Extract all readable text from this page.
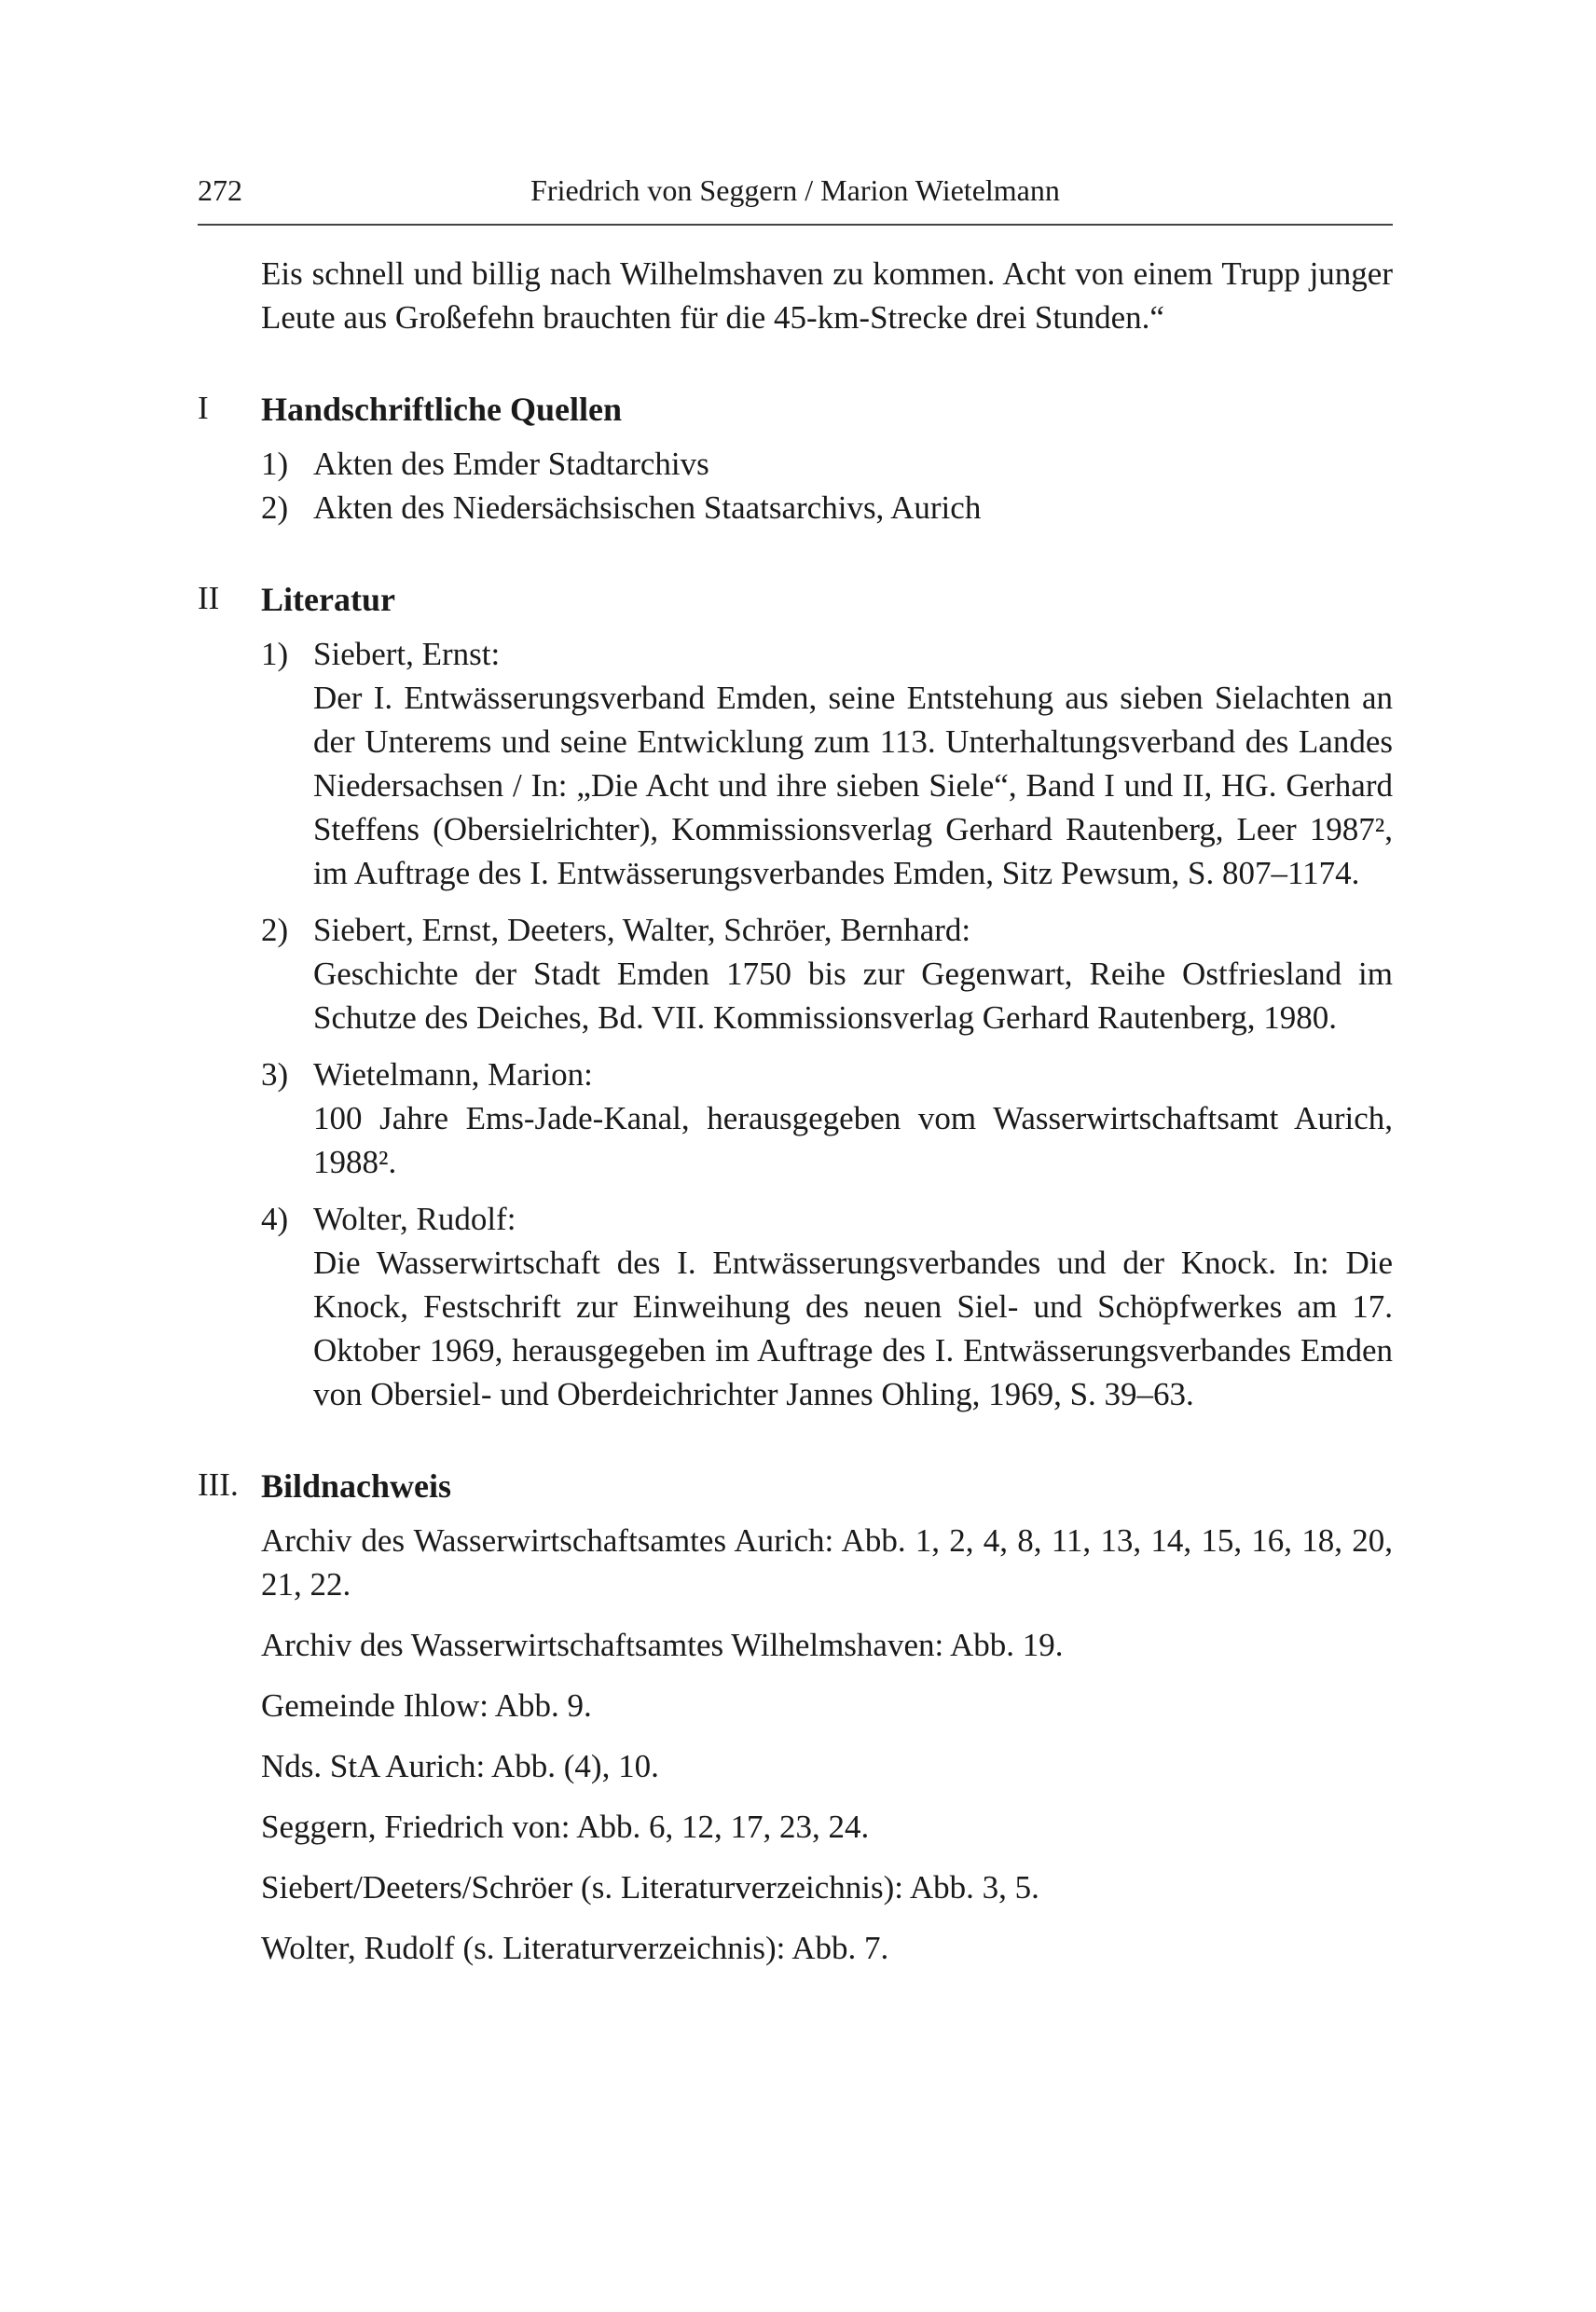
272	Friedrich von Seggern / Marion Wietelmann
Eis schnell und billig nach Wilhelmshaven zu kommen. Acht von einem Trupp junger Leute aus Großefehn brauchten für die 45-km-Strecke drei Stunden.“
I Handschriftliche Quellen
1) Akten des Emder Stadtarchivs
2) Akten des Niedersächsischen Staatsarchivs, Aurich
II Literatur
1) Siebert, Ernst:
Der I. Entwässerungsverband Emden, seine Entstehung aus sieben Sielachten an der Unterems und seine Entwicklung zum 113. Unterhaltungsverband des Landes Niedersachsen / In: „Die Acht und ihre sieben Siele“, Band I und II, HG. Gerhard Steffens (Obersielrichter), Kommissionsverlag Gerhard Rautenberg, Leer 1987², im Auftrage des I. Entwässerungsverbandes Emden, Sitz Pewsum, S. 807–1174.
2) Siebert, Ernst, Deeters, Walter, Schröer, Bernhard:
Geschichte der Stadt Emden 1750 bis zur Gegenwart, Reihe Ostfriesland im Schutze des Deiches, Bd. VII. Kommissionsverlag Gerhard Rautenberg, 1980.
3) Wietelmann, Marion:
100 Jahre Ems-Jade-Kanal, herausgegeben vom Wasserwirtschaftsamt Aurich, 1988².
4) Wolter, Rudolf:
Die Wasserwirtschaft des I. Entwässerungsverbandes und der Knock. In: Die Knock, Festschrift zur Einweihung des neuen Siel- und Schöpfwerkes am 17. Oktober 1969, herausgegeben im Auftrage des I. Entwässerungsverbandes Emden von Obersiel- und Oberdeichrichter Jannes Ohling, 1969, S. 39–63.
III. Bildnachweis
Archiv des Wasserwirtschaftsamtes Aurich: Abb. 1, 2, 4, 8, 11, 13, 14, 15, 16, 18, 20, 21, 22.
Archiv des Wasserwirtschaftsamtes Wilhelmshaven: Abb. 19.
Gemeinde Ihlow: Abb. 9.
Nds. StA Aurich: Abb. (4), 10.
Seggern, Friedrich von: Abb. 6, 12, 17, 23, 24.
Siebert/Deeters/Schröer (s. Literaturverzeichnis): Abb. 3, 5.
Wolter, Rudolf (s. Literaturverzeichnis): Abb. 7.
